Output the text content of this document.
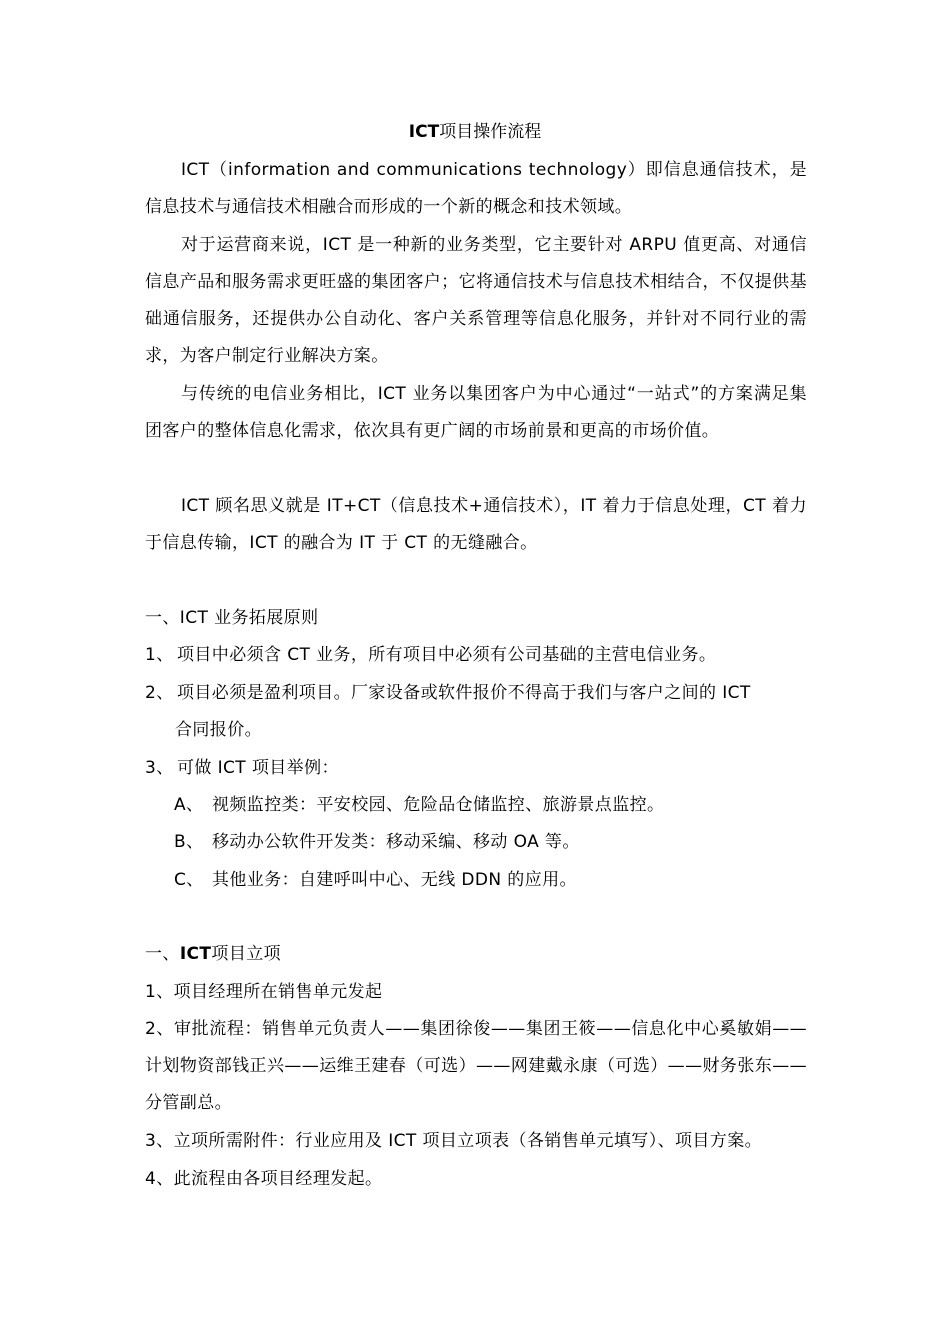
ICT项目操作流程
ICT（information and communications technology）即信息通信技术，是信息技术与通信技术相融合而形成的一个新的概念和技术领域。
对于运营商来说，ICT 是一种新的业务类型，它主要针对 ARPU 值更高、对通信信息产品和服务需求更旺盛的集团客户；它将通信技术与信息技术相结合，不仅提供基础通信服务，还提供办公自动化、客户关系管理等信息化服务，并针对不同行业的需求，为客户制定行业解决方案。
与传统的电信业务相比，ICT 业务以集团客户为中心通过“一站式”的方案满足集团客户的整体信息化需求，依次具有更广阔的市场前景和更高的市场价值。
ICT 顾名思义就是 IT+CT（信息技术+通信技术），IT 着力于信息处理，CT 着力于信息传输，ICT 的融合为 IT 于 CT 的无缝融合。
一、ICT 业务拓展原则
1、 项目中必须含 CT 业务，所有项目中必须有公司基础的主营电信业务。
2、 项目必须是盈利项目。厂家设备或软件报价不得高于我们与客户之间的 ICT
合同报价。
3、 可做 ICT 项目举例：
A、 视频监控类：平安校园、危险品仓储监控、旅游景点监控。
B、 移动办公软件开发类：移动采编、移动 OA 等。
C、 其他业务：自建呼叫中心、无线 DDN 的应用。
一、ICT项目立项
1、项目经理所在销售单元发起
2、审批流程：销售单元负责人——集团徐俊——集团王筱——信息化中心奚敏娟——计划物资部钱正兴——运维王建春（可选）——网建戴永康（可选）——财务张东——分管副总。
3、立项所需附件：行业应用及 ICT 项目立项表（各销售单元填写）、项目方案。
4、此流程由各项目经理发起。
